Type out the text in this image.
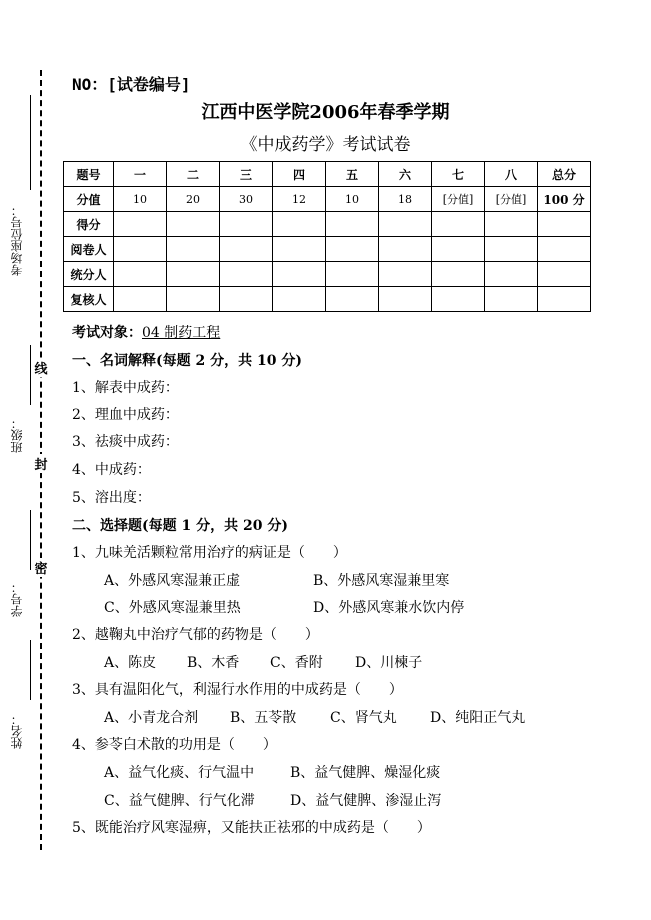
考场座位号：
班级：
学号：
姓名：
线
封
密
NO：[试卷编号]
江西中医学院2006年春季学期
《中成药学》考试试卷
题号	一	二	三	四	五	六	七	八	总分
分值	10	20	30	12	10	18	[分值]	[分值]	100 分
得分									
阅卷人									
统分人									
复核人									
考试对象：04 制药工程
一、名词解释(每题 2 分，共 10 分)
1、解表中成药：
2、理血中成药：
3、祛痰中成药：
4、中成药：
5、溶出度：
二、选择题(每题 1 分，共 20 分)
1、九味羌活颗粒常用治疗的病证是（　　）
A、外感风寒湿兼正虚	B、外感风寒湿兼里寒
C、外感风寒湿兼里热	D、外感风寒兼水饮内停
2、越鞠丸中治疗气郁的药物是（　　）
A、陈皮 B、木香 C、香附 D、川楝子
3、具有温阳化气，利湿行水作用的中成药是（　　）
A、小青龙合剂 B、五苓散 C、肾气丸 D、纯阳正气丸
4、参苓白术散的功用是（　　）
A、益气化痰、行气温中	B、益气健脾、燥湿化痰
C、益气健脾、行气化滞	D、益气健脾、渗湿止泻
5、既能治疗风寒湿痹，又能扶正祛邪的中成药是（　　）
